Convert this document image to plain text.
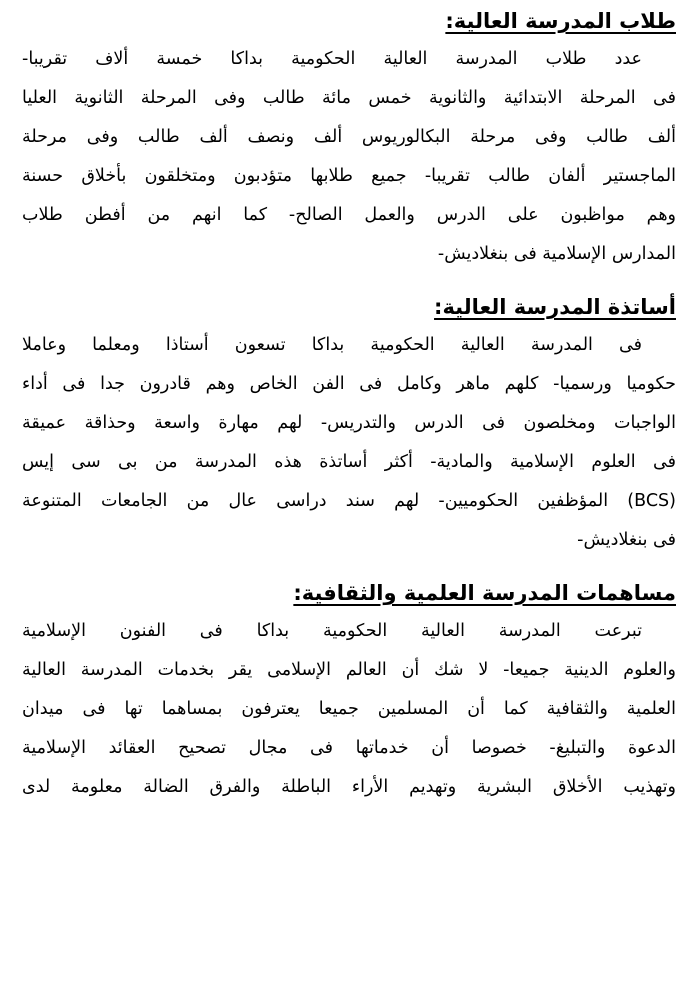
طلاب المدرسة العالية:

عدد طلاب المدرسة العالية الحكومية بداكا خمسة ألاف تقريبا-
فى المرحلة الابتدائية والثانوية خمس مائة طالب وفى المرحلة الثانوية العليا
ألف طالب وفى مرحلة البكالوريوس ألف ونصف ألف طالب وفى مرحلة
الماجستير ألفان طالب تقريبا- جميع طلابها متؤدبون ومتخلقون بأخلاق حسنة
وهم مواظبون على الدرس والعمل الصالح- كما انهم من أفطن طلاب
المدارس الإسلامية فى بنغلاديش-

أساتذة المدرسة العالية:

فى المدرسة العالية الحكومية بداكا تسعون أستاذا ومعلما وعاملا
حكوميا ورسميا- كلهم ماهر وكامل فى الفن الخاص وهم قادرون جدا فى أداء
الواجبات ومخلصون فى الدرس والتدريس- لهم مهارة واسعة وحذاقة عميقة
فى العلوم الإسلامية والمادية- أكثر أساتذة هذه المدرسة من بى سى إيس
(BCS) المؤظفين الحكوميين- لهم سند دراسى عال من الجامعات المتنوعة
فى بنغلاديش-

مساهمات المدرسة العلمية والثقافية:

تبرعت المدرسة العالية الحكومية بداكا فى الفنون الإسلامية
والعلوم الدينية جميعا- لا شك أن العالم الإسلامى يقر بخدمات المدرسة العالية
العلمية والثقافية كما أن المسلمين جميعا يعترفون بمساهما تها فى ميدان
الدعوة والتبليغ- خصوصا أن خدماتها فى مجال تصحيح العقائد الإسلامية
وتهذيب الأخلاق البشرية وتهديم الأراء الباطلة والفرق الضالة معلومة لدى
